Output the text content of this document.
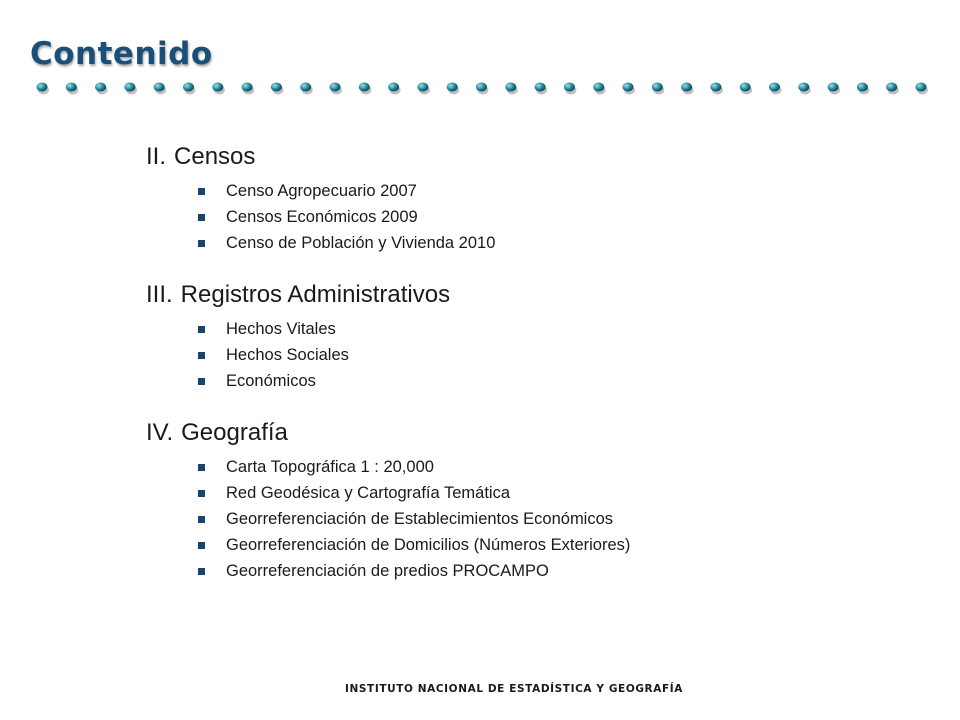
Contenido
II. Censos
Censo Agropecuario 2007
Censos Económicos 2009
Censo de Población y Vivienda 2010
III. Registros Administrativos
Hechos Vitales
Hechos Sociales
Económicos
IV. Geografía
Carta Topográfica 1 : 20,000
Red Geodésica y Cartografía Temática
Georreferenciación de Establecimientos Económicos
Georreferenciación de Domicilios (Números Exteriores)
Georreferenciación de predios PROCAMPO
INSTITUTO NACIONAL DE ESTADÍSTICA Y GEOGRAFÍA
